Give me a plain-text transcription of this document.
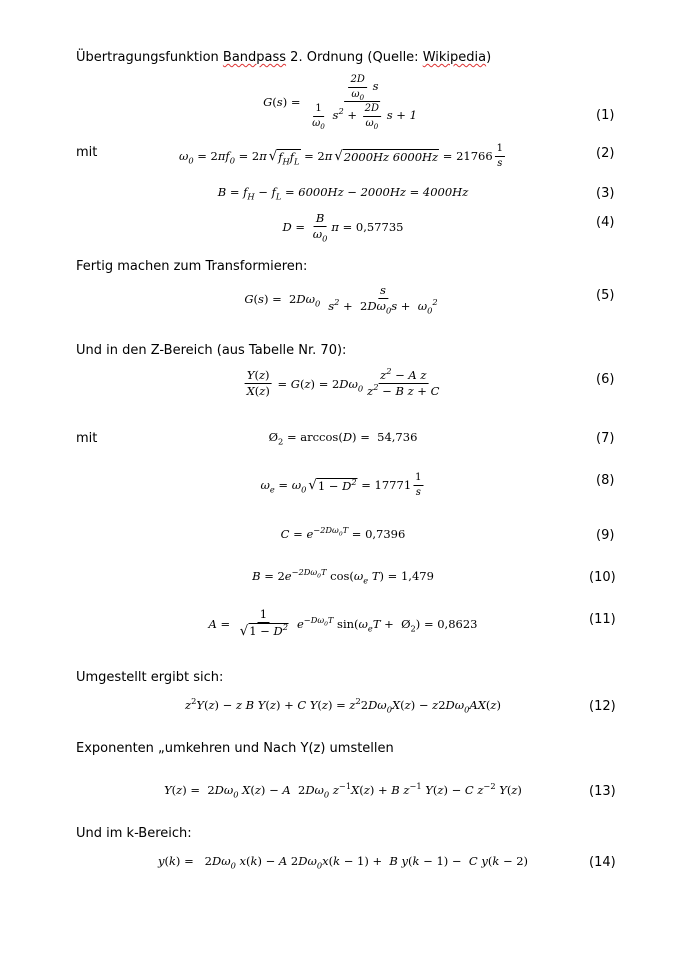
Übertragungsfunktion Bandpass 2. Ordnung (Quelle: Wikipedia)
G ( s ) = $\frac{\frac{2D}{\omega_0} s}{\frac{1}{\omega_0} s^2 + \frac{2D}{\omega_0} s + 1}$	(1)
mit	$\omega_0 = 2$ $\pi f_0 = 2$ π √ $f_Hf_L = 2$ π √ 2000Hz $6000Hz = 21766 \frac{1}{s}$	(2)
$B = f_H - f_L = 6000Hz - 2000Hz = 4000Hz$	(3)
$D = \frac{B}{\omega_0}$ π = 0,57735	(4)
Fertig machen zum Transformieren:
G ( s ) =  2 $D\omega_0 \frac{s}{s^2 + 2D\omega_0s + \omega_0^2}$	(5)
Und in den Z-Bereich (aus Tabelle Nr. 70):
$\frac{Y(z)}{X(z)} = G$ ( z ) = 2 $D\omega_0 \frac{z^2 - A z}{z^2 - B z + C}$	(6)
mit	$Ø_2 = \arccos$( D ) = 54,736	(7)
$\omega_e = \omega_0$ √ $1 - D^2 = 17771 \frac{1}{s}$	(8)
$C = e^{-2D\omega_0T} = 0,7396$	(9)
B = 2 $e^{-2D\omega_0T}$ cos( $\omega_e$ T ) = 1,479	(10)
$A = \frac{1}{√1 - D^2} e^{-D\omega_0T}$ sin( $\omega_eT$ +  $Ø_2) = 0,8623$	(11)
Umgestellt ergibt sich:
$z^2Y$ ( z ) − z B Y ( z ) + C Y ( z ) = $z^2$ 2 $D\omega_0X$ ( z ) − z 2 $D\omega_0AX$ ( z )	(12)
Exponenten „umkehren und Nach Y(z) umstellen
Y ( z ) =  2 $D\omega_0$ X ( z ) − A 2 $D\omega_0$ $z^{-1}X$ ( z ) + B $z^{-1}$ Y ( z ) − C $z^{-2}$ Y ( z )	(13)
Und im k-Bereich:
y ( k ) =   2 $D\omega_0$ x ( k ) − A 2 $D\omega_0x$ ( k − 1) + B y ( k − 1) − C y ( k − 2)	(14)
